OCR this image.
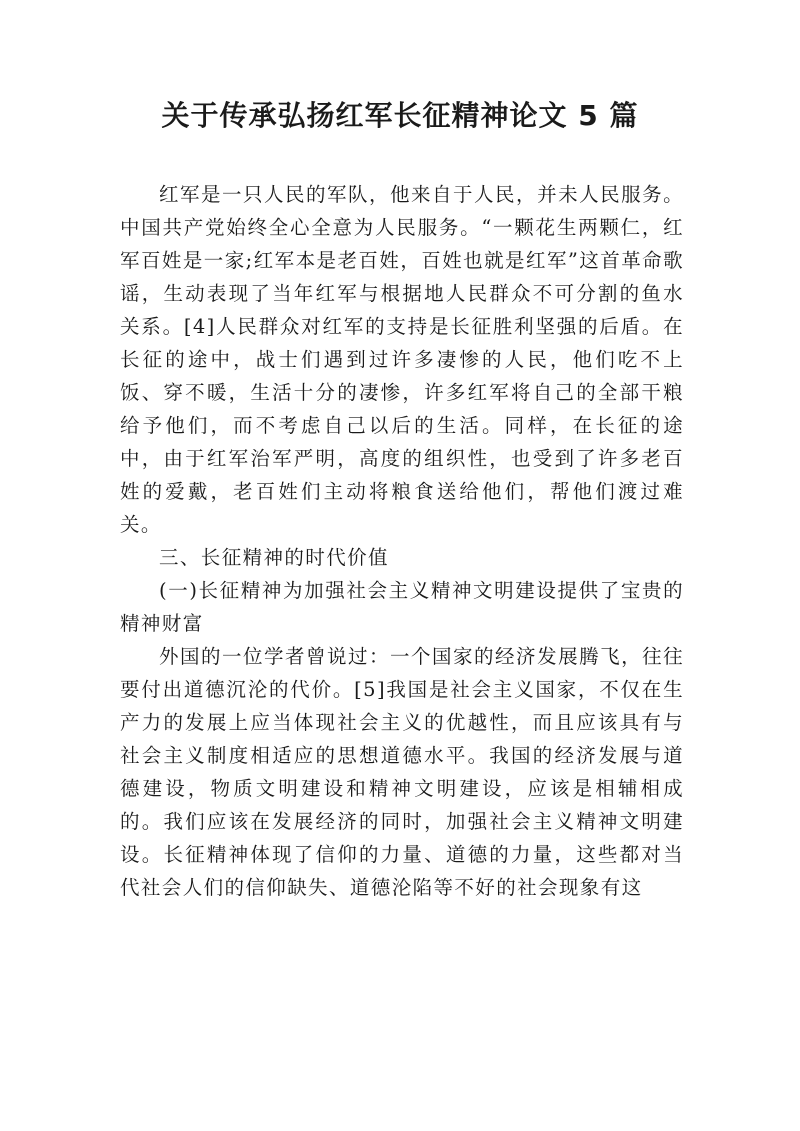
关于传承弘扬红军长征精神论文 5 篇

红军是一只人民的军队，他来自于人民，并未人民服务。中国共产党始终全心全意为人民服务。“一颗花生两颗仁，红军百姓是一家;红军本是老百姓，百姓也就是红军”这首革命歌谣，生动表现了当年红军与根据地人民群众不可分割的鱼水关系。[4]人民群众对红军的支持是长征胜利坚强的后盾。在长征的途中，战士们遇到过许多凄惨的人民，他们吃不上饭、穿不暖，生活十分的凄惨，许多红军将自己的全部干粮给予他们，而不考虑自己以后的生活。同样，在长征的途中，由于红军治军严明，高度的组织性，也受到了许多老百姓的爱戴，老百姓们主动将粮食送给他们，帮他们渡过难关。

三、长征精神的时代价值

(一)长征精神为加强社会主义精神文明建设提供了宝贵的精神财富

外国的一位学者曾说过：一个国家的经济发展腾飞，往往要付出道德沉沦的代价。[5]我国是社会主义国家，不仅在生产力的发展上应当体现社会主义的优越性，而且应该具有与社会主义制度相适应的思想道德水平。我国的经济发展与道德建设，物质文明建设和精神文明建设，应该是相辅相成的。我们应该在发展经济的同时，加强社会主义精神文明建设。长征精神体现了信仰的力量、道德的力量，这些都对当代社会人们的信仰缺失、道德沦陷等不好的社会现象有这
